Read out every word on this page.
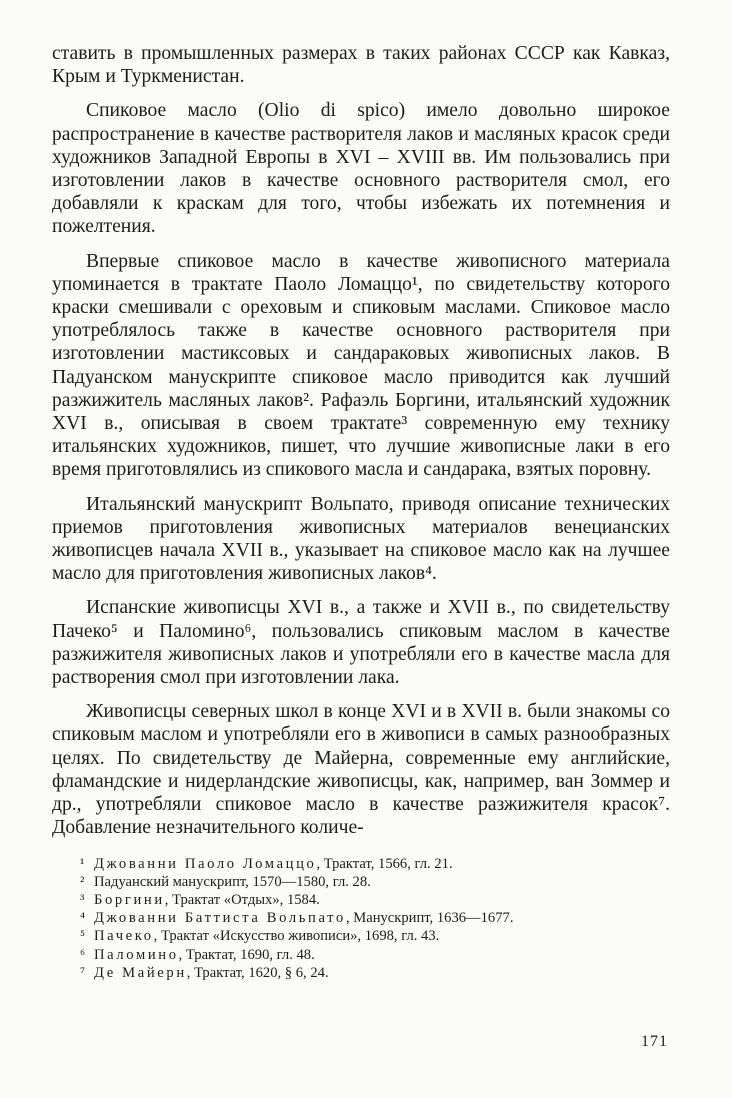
ставить в промышленных размерах в таких районах СССР как Кавказ, Крым и Туркменистан.

Спиковое масло (Olio di spico) имело довольно широкое распространение в качестве растворителя лаков и масляных красок среди художников Западной Европы в XVI – XVIII вв. Им пользовались при изготовлении лаков в качестве основного растворителя смол, его добавляли к краскам для того, чтобы избежать их потемнения и пожелтения.

Впервые спиковое масло в качестве живописного материала упоминается в трактате Паоло Ломаццо¹, по свидетельству которого краски смешивали с ореховым и спиковым маслами. Спиковое масло употреблялось также в качестве основного растворителя при изготовлении мастиксовых и сандараковых живописных лаков. В Падуанском манускрипте спиковое масло приводится как лучший разжижитель масляных лаков². Рафаэль Боргини, итальянский художник XVI в., описывая в своем трактате³ современную ему технику итальянских художников, пишет, что лучшие живописные лаки в его время приготовлялись из спикового масла и сандарака, взятых поровну.

Итальянский манускрипт Вольпато, приводя описание технических приемов приготовления живописных материалов венецианских живописцев начала XVII в., указывает на спиковое масло как на лучшее масло для приготовления живописных лаков⁴.

Испанские живописцы XVI в., а также и XVII в., по свидетельству Пачеко⁵ и Паломино⁶, пользовались спиковым маслом в качестве разжижителя живописных лаков и употребляли его в качестве масла для растворения смол при изготовлении лака.

Живописцы северных школ в конце XVI и в XVII в. были знакомы со спиковым маслом и употребляли его в живописи в самых разнообразных целях. По свидетельству де Майерна, современные ему английские, фламандские и нидерландские живописцы, как, например, ван Зоммер и др., употребляли спиковое масло в качестве разжижителя красок⁷. Добавление незначительного количе-

¹ Джованни Паоло Ломаццо, Трактат, 1566, гл. 21.

² Падуанский манускрипт, 1570—1580, гл. 28.

³ Боргини, Трактат «Отдых», 1584.

⁴ Джованни Баттиста Вольпато, Манускрипт, 1636—1677.

⁵ Пачеко, Трактат «Искусство живописи», 1698, гл. 43.

⁶ Паломино, Трактат, 1690, гл. 48.

⁷ Де Майерн, Трактат, 1620, § 6, 24.

171
